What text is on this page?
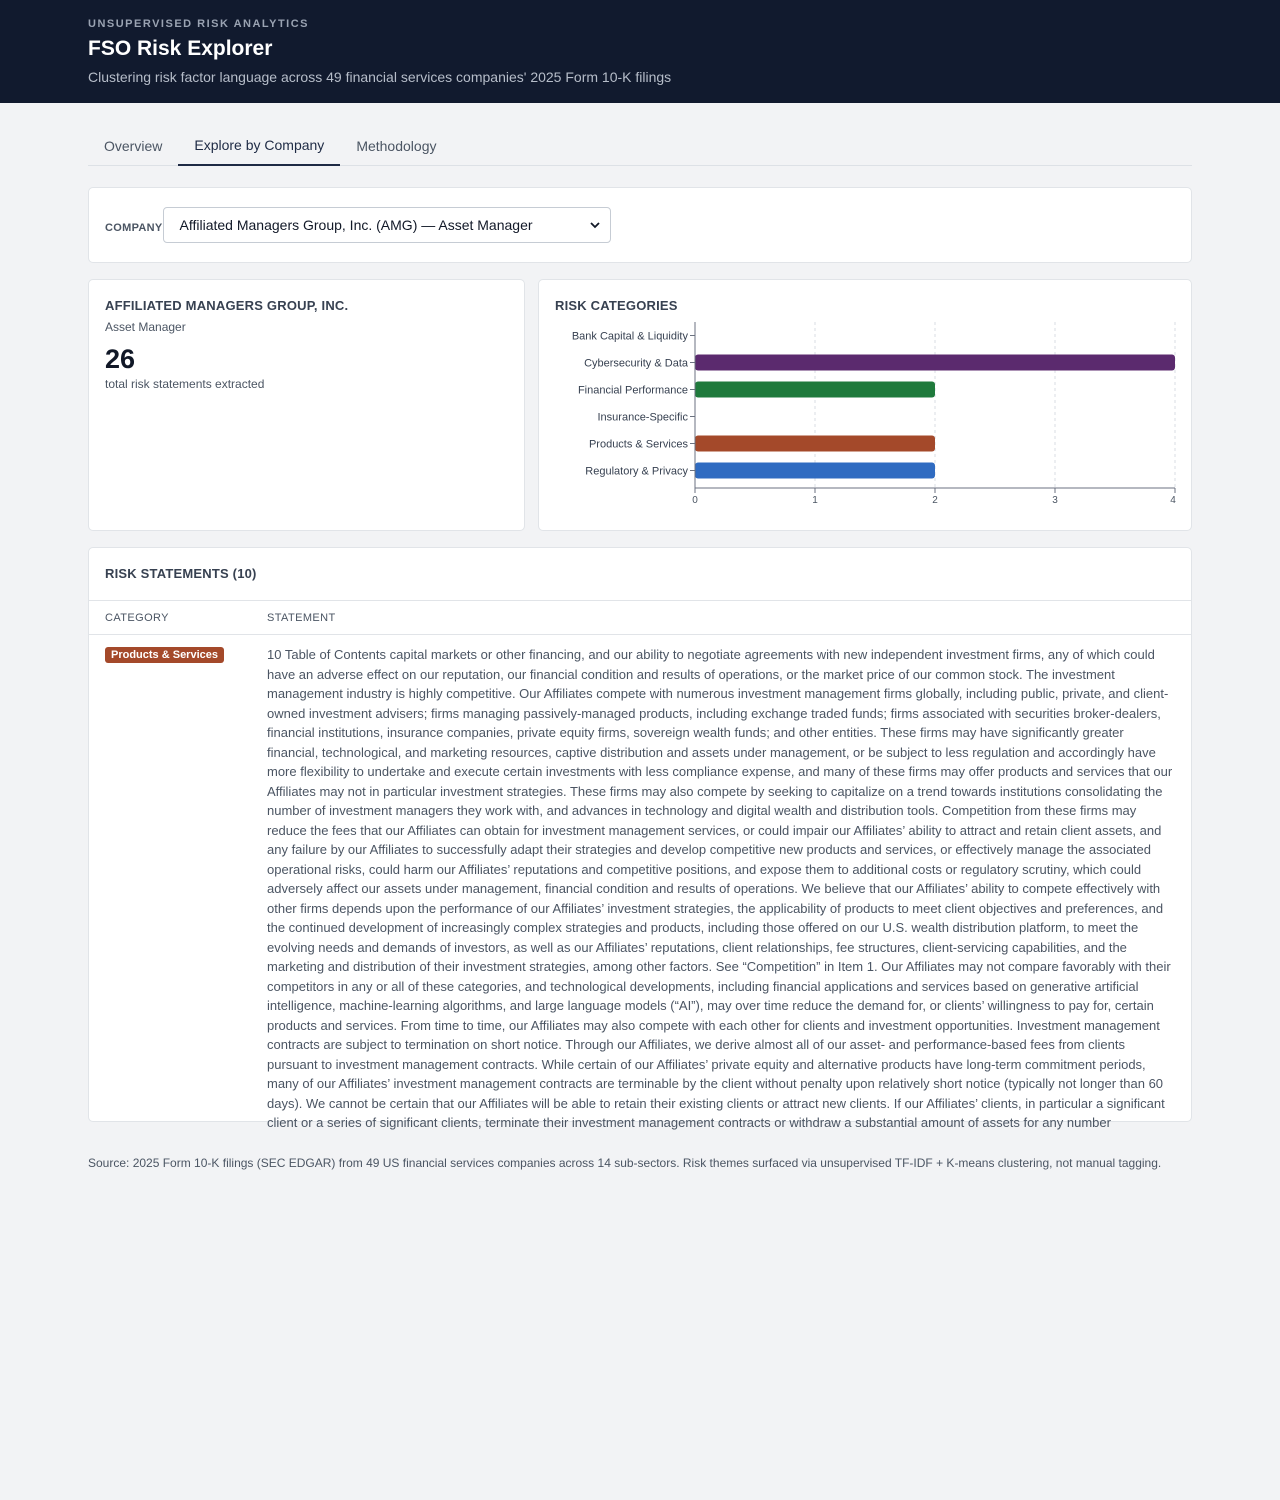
UNSUPERVISED RISK ANALYTICS
FSO Risk Explorer
Clustering risk factor language across 49 financial services companies' 2025 Form 10-K filings
Overview	Explore by Company	Methodology
COMPANY Affiliated Managers Group, Inc. (AMG) — Asset Manager
AFFILIATED MANAGERS GROUP, INC.
Asset Manager
26
total risk statements extracted
RISK CATEGORIES
0	1	2	3	4
Bank Capital & Liquidity
Cybersecurity & Data
Financial Performance
Insurance-Specific
Products & Services
Regulatory & Privacy
RISK STATEMENTS (10)
CATEGORY	STATEMENT
Products & Services	10 Table of Contents capital markets or other financing, and our ability to negotiate agreements with new independent investment firms, any of which could have an adverse effect on our reputation, our financial condition and results of operations, or the market price of our common stock. The investment management industry is highly competitive. Our Affiliates compete with numerous investment management firms globally, including public, private, and client-owned investment advisers; firms managing passively-managed products, including exchange traded funds; firms associated with securities broker-dealers, financial institutions, insurance companies, private equity firms, sovereign wealth funds; and other entities. These firms may have significantly greater financial, technological, and marketing resources, captive distribution and assets under management, or be subject to less regulation and accordingly have more flexibility to undertake and execute certain investments with less compliance expense, and many of these firms may offer products and services that our Affiliates may not in particular investment strategies. These firms may also compete by seeking to capitalize on a trend towards institutions consolidating the number of investment managers they work with, and advances in technology and digital wealth and distribution tools. Competition from these firms may reduce the fees that our Affiliates can obtain for investment management services, or could impair our Affiliates’ ability to attract and retain client assets, and any failure by our Affiliates to successfully adapt their strategies and develop competitive new products and services, or effectively manage the associated operational risks, could harm our Affiliates’ reputations and competitive positions, and expose them to additional costs or regulatory scrutiny, which could adversely affect our assets under management, financial condition and results of operations. We believe that our Affiliates’ ability to compete effectively with other firms depends upon the performance of our Affiliates’ investment strategies, the applicability of products to meet client objectives and preferences, and the continued development of increasingly complex strategies and products, including those offered on our U.S. wealth distribution platform, to meet the evolving needs and demands of investors, as well as our Affiliates’ reputations, client relationships, fee structures, client-servicing capabilities, and the marketing and distribution of their investment strategies, among other factors. See “Competition” in Item 1. Our Affiliates may not compare favorably with their competitors in any or all of these categories, and technological developments, including financial applications and services based on generative artificial intelligence, machine-learning algorithms, and large language models (“AI”), may over time reduce the demand for, or clients’ willingness to pay for, certain products and services. From time to time, our Affiliates may also compete with each other for clients and investment opportunities. Investment management contracts are subject to termination on short notice. Through our Affiliates, we derive almost all of our asset- and performance-based fees from clients pursuant to investment management contracts. While certain of our Affiliates’ private equity and alternative products have long-term commitment periods, many of our Affiliates’ investment management contracts are terminable by the client without penalty upon relatively short notice (typically not longer than 60 days). We cannot be certain that our Affiliates will be able to retain their existing clients or attract new clients. If our Affiliates’ clients, in particular a significant client or a series of significant clients, terminate their investment management contracts or withdraw a substantial amount of assets for any number
Source: 2025 Form 10-K filings (SEC EDGAR) from 49 US financial services companies across 14 sub-sectors. Risk themes surfaced via unsupervised TF-IDF + K-means clustering, not manual tagging.
